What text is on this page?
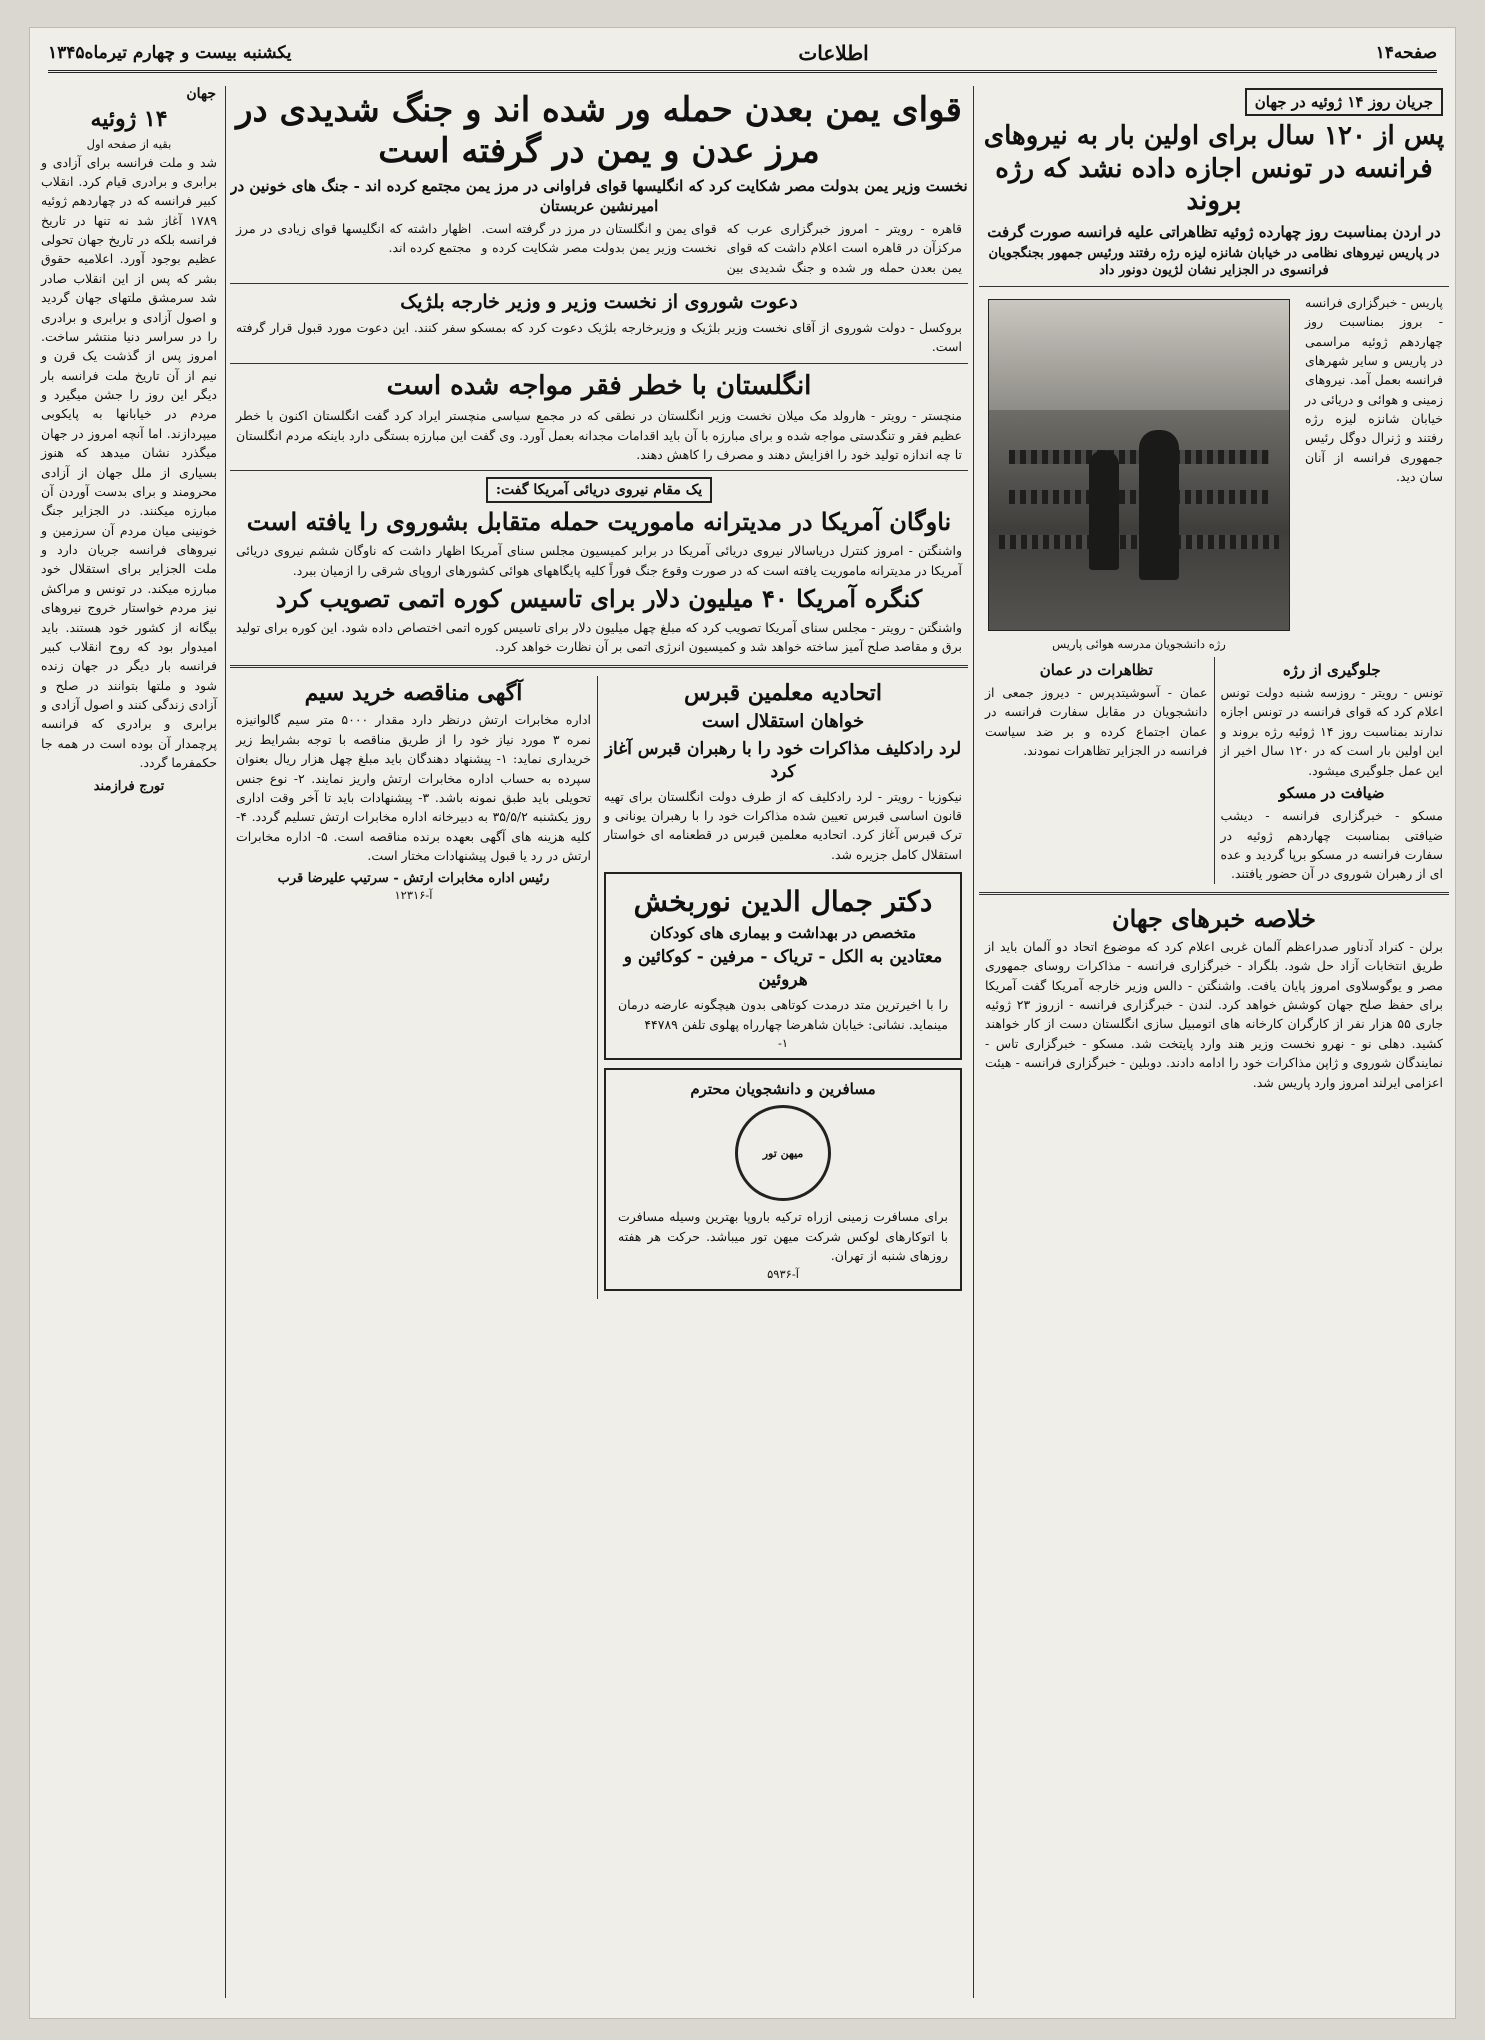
صفحه۱۴
اطلاعات
یکشنبه بیست و چهارم تیرماه۱۳۴۵
جریان روز ۱۴ ژوئیه در جهان
پس از ۱۲۰ سال برای اولین بار به نیروهای فرانسه در تونس اجازه داده نشد که رژه بروند
در اردن بمناسبت روز چهارده ژوئیه تظاهراتی علیه فرانسه صورت گرفت
در پاریس نیروهای نظامی در خیابان شانزه لیزه رژه رفتند ورئیس جمهور بجنگجویان فرانسوی در الجزایر نشان لژیون دونور داد
پاریس - خبرگزاری فرانسه - بروز بمناسبت روز چهاردهم ژوئیه مراسمی در پاریس و سایر شهرهای فرانسه بعمل آمد. نیروهای زمینی و هوائی و دریائی در خیابان شانزه لیزه رژه رفتند و ژنرال دوگل رئیس جمهوری فرانسه از آنان سان دید.
رژه دانشجویان مدرسه هوائی پاریس
جلوگیری از رژه
تونس - رویتر - روزسه شنبه دولت تونس اعلام کرد که قوای فرانسه در تونس اجازه ندارند بمناسبت روز ۱۴ ژوئیه رژه بروند و این اولین بار است که در ۱۲۰ سال اخیر از این عمل جلوگیری میشود.
ضیافت در مسکو
مسکو - خبرگزاری فرانسه - دیشب ضیافتی بمناسبت چهاردهم ژوئیه در سفارت فرانسه در مسکو برپا گردید و عده ای از رهبران شوروی در آن حضور یافتند.
تظاهرات در عمان
عمان - آسوشیتدپرس - دیروز جمعی از دانشجویان در مقابل سفارت فرانسه در عمان اجتماع کرده و بر ضد سیاست فرانسه در الجزایر تظاهرات نمودند.
خلاصه خبرهای جهان
برلن - کنراد آدناور صدراعظم آلمان غربی اعلام کرد که موضوع اتحاد دو آلمان باید از طریق انتخابات آزاد حل شود. بلگراد - خبرگزاری فرانسه - مذاکرات روسای جمهوری مصر و یوگوسلاوی امروز پایان یافت. واشنگتن - دالس وزیر خارجه آمریکا گفت آمریکا برای حفظ صلح جهان کوشش خواهد کرد. لندن - خبرگزاری فرانسه - ازروز ۲۳ ژوئیه جاری ۵۵ هزار نفر از کارگران کارخانه های اتومبیل سازی انگلستان دست از کار خواهند کشید. دهلی نو - نهرو نخست وزیر هند وارد پایتخت شد. مسکو - خبرگزاری تاس - نمایندگان شوروی و ژاپن مذاکرات خود را ادامه دادند. دوبلین - خبرگزاری فرانسه - هیئت اعزامی ایرلند امروز وارد پاریس شد.
قوای یمن بعدن حمله ور شده اند و جنگ شدیدی در مرز عدن و یمن در گرفته است
نخست وزیر یمن بدولت مصر شکایت کرد که انگلیسها قوای فراوانی در مرز یمن مجتمع کرده اند - جنگ های خونین در امیرنشین عربستان
قاهره - رویتر - امروز خبرگزاری عرب که مرکزآن در قاهره است اعلام داشت که قوای یمن بعدن حمله ور شده و جنگ شدیدی بین قوای یمن و انگلستان در مرز در گرفته است. نخست وزیر یمن بدولت مصر شکایت کرده و اظهار داشته که انگلیسها قوای زیادی در مرز مجتمع کرده اند.
دعوت شوروی از نخست وزیر و وزیر خارجه بلژیک
بروکسل - دولت شوروی از آقای نخست وزیر بلژیک و وزیرخارجه بلژیک دعوت کرد که بمسکو سفر کنند. این دعوت مورد قبول قرار گرفته است.
انگلستان با خطر فقر مواجه شده است
منچستر - رویتر - هارولد مک میلان نخست وزیر انگلستان در نطقی که در مجمع سیاسی منچستر ایراد کرد گفت انگلستان اکنون با خطر عظیم فقر و تنگدستی مواجه شده و برای مبارزه با آن باید اقدامات مجدانه بعمل آورد. وی گفت این مبارزه بستگی دارد باینکه مردم انگلستان تا چه اندازه تولید خود را افزایش دهند و مصرف را کاهش دهند.
یک مقام نیروی دریائی آمریکا گفت:
ناوگان آمریکا در مدیترانه ماموریت حمله متقابل بشوروی را یافته است
واشنگتن - امروز کنترل دریاسالار نیروی دریائی آمریکا در برابر کمیسیون مجلس سنای آمریکا اظهار داشت که ناوگان ششم نیروی دریائی آمریکا در مدیترانه ماموریت یافته است که در صورت وقوع جنگ فوراً کلیه پایگاههای هوائی کشورهای اروپای شرقی را ازمیان ببرد.
کنگره آمریکا ۴۰ میلیون دلار برای تاسیس کوره اتمی تصویب کرد
واشنگتن - رویتر - مجلس سنای آمریکا تصویب کرد که مبلغ چهل میلیون دلار برای تاسیس کوره اتمی اختصاص داده شود. این کوره برای تولید برق و مقاصد صلح آمیز ساخته خواهد شد و کمیسیون انرژی اتمی بر آن نظارت خواهد کرد.
اتحادیه معلمین قبرس
خواهان استقلال است
لرد رادکلیف مذاکرات خود را با رهبران قبرس آغاز کرد
نیکوزیا - رویتر - لرد رادکلیف که از طرف دولت انگلستان برای تهیه قانون اساسی قبرس تعیین شده مذاکرات خود را با رهبران یونانی و ترک قبرس آغاز کرد. اتحادیه معلمین قبرس در قطعنامه ای خواستار استقلال کامل جزیره شد.
دکتر جمال الدین نوربخش
متخصص در بهداشت و بیماری های کودکان
معتادین به الکل - تریاک - مرفین - کوکائین و هروئین
را با اخیرترین متد درمدت کوتاهی بدون هیچگونه عارضه درمان مینماید. نشانی: خیابان شاهرضا چهارراه پهلوی تلفن ۴۴۷۸۹
۱-
مسافرین و دانشجویان محترم
میهن تور
برای مسافرت زمینی ازراه ترکیه باروپا بهترین وسیله مسافرت با اتوکارهای لوکس شرکت میهن تور میباشد. حرکت هر هفته روزهای شنبه از تهران.
آ-۵۹۳۶
آگهی مناقصه خرید سیم
اداره مخابرات ارتش درنظر دارد مقدار ۵۰۰۰ متر سیم گالوانیزه نمره ۳ مورد نیاز خود را از طریق مناقصه با توجه بشرایط زیر خریداری نماید: ۱- پیشنهاد دهندگان باید مبلغ چهل هزار ریال بعنوان سپرده به حساب اداره مخابرات ارتش واریز نمایند. ۲- نوع جنس تحویلی باید طبق نمونه باشد. ۳- پیشنهادات باید تا آخر وقت اداری روز یکشنبه ۳۵/۵/۲ به دبیرخانه اداره مخابرات ارتش تسلیم گردد. ۴- کلیه هزینه های آگهی بعهده برنده مناقصه است. ۵- اداره مخابرات ارتش در رد یا قبول پیشنهادات مختار است.
رئیس اداره مخابرات ارتش - سرتیپ علیرضا قرب
آ-۱۲۳۱۶
جهان
۱۴ ژوئیه
بقیه از صفحه اول
شد و ملت فرانسه برای آزادی و برابری و برادری قیام کرد. انقلاب کبیر فرانسه که در چهاردهم ژوئیه ۱۷۸۹ آغاز شد نه تنها در تاریخ فرانسه بلکه در تاریخ جهان تحولی عظیم بوجود آورد. اعلامیه حقوق بشر که پس از این انقلاب صادر شد سرمشق ملتهای جهان گردید و اصول آزادی و برابری و برادری را در سراسر دنیا منتشر ساخت. امروز پس از گذشت یک قرن و نیم از آن تاریخ ملت فرانسه بار دیگر این روز را جشن میگیرد و مردم در خیابانها به پایکوبی میپردازند. اما آنچه امروز در جهان میگذرد نشان میدهد که هنوز بسیاری از ملل جهان از آزادی محرومند و برای بدست آوردن آن مبارزه میکنند. در الجزایر جنگ خونینی میان مردم آن سرزمین و نیروهای فرانسه جریان دارد و ملت الجزایر برای استقلال خود مبارزه میکند. در تونس و مراکش نیز مردم خواستار خروج نیروهای بیگانه از کشور خود هستند. باید امیدوار بود که روح انقلاب کبیر فرانسه بار دیگر در جهان زنده شود و ملتها بتوانند در صلح و آزادی زندگی کنند و اصول آزادی و برابری و برادری که فرانسه پرچمدار آن بوده است در همه جا حکمفرما گردد.
تورج فرازمند
